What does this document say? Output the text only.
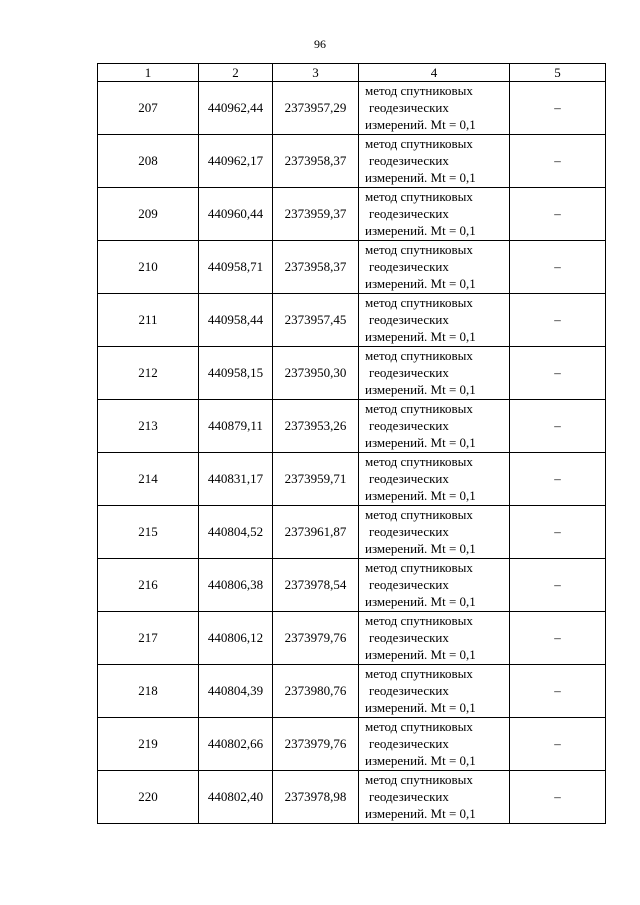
96
1	2	3	4	5
207	440962,44	2373957,29	метод спутниковых
геодезических
измерений. Mt = 0,1	–
208	440962,17	2373958,37	метод спутниковых
геодезических
измерений. Mt = 0,1	–
209	440960,44	2373959,37	метод спутниковых
геодезических
измерений. Mt = 0,1	–
210	440958,71	2373958,37	метод спутниковых
геодезических
измерений. Mt = 0,1	–
211	440958,44	2373957,45	метод спутниковых
геодезических
измерений. Mt = 0,1	–
212	440958,15	2373950,30	метод спутниковых
геодезических
измерений. Mt = 0,1	–
213	440879,11	2373953,26	метод спутниковых
геодезических
измерений. Mt = 0,1	–
214	440831,17	2373959,71	метод спутниковых
геодезических
измерений. Mt = 0,1	–
215	440804,52	2373961,87	метод спутниковых
геодезических
измерений. Mt = 0,1	–
216	440806,38	2373978,54	метод спутниковых
геодезических
измерений. Mt = 0,1	–
217	440806,12	2373979,76	метод спутниковых
геодезических
измерений. Mt = 0,1	–
218	440804,39	2373980,76	метод спутниковых
геодезических
измерений. Mt = 0,1	–
219	440802,66	2373979,76	метод спутниковых
геодезических
измерений. Mt = 0,1	–
220	440802,40	2373978,98	метод спутниковых
геодезических
измерений. Mt = 0,1	–
